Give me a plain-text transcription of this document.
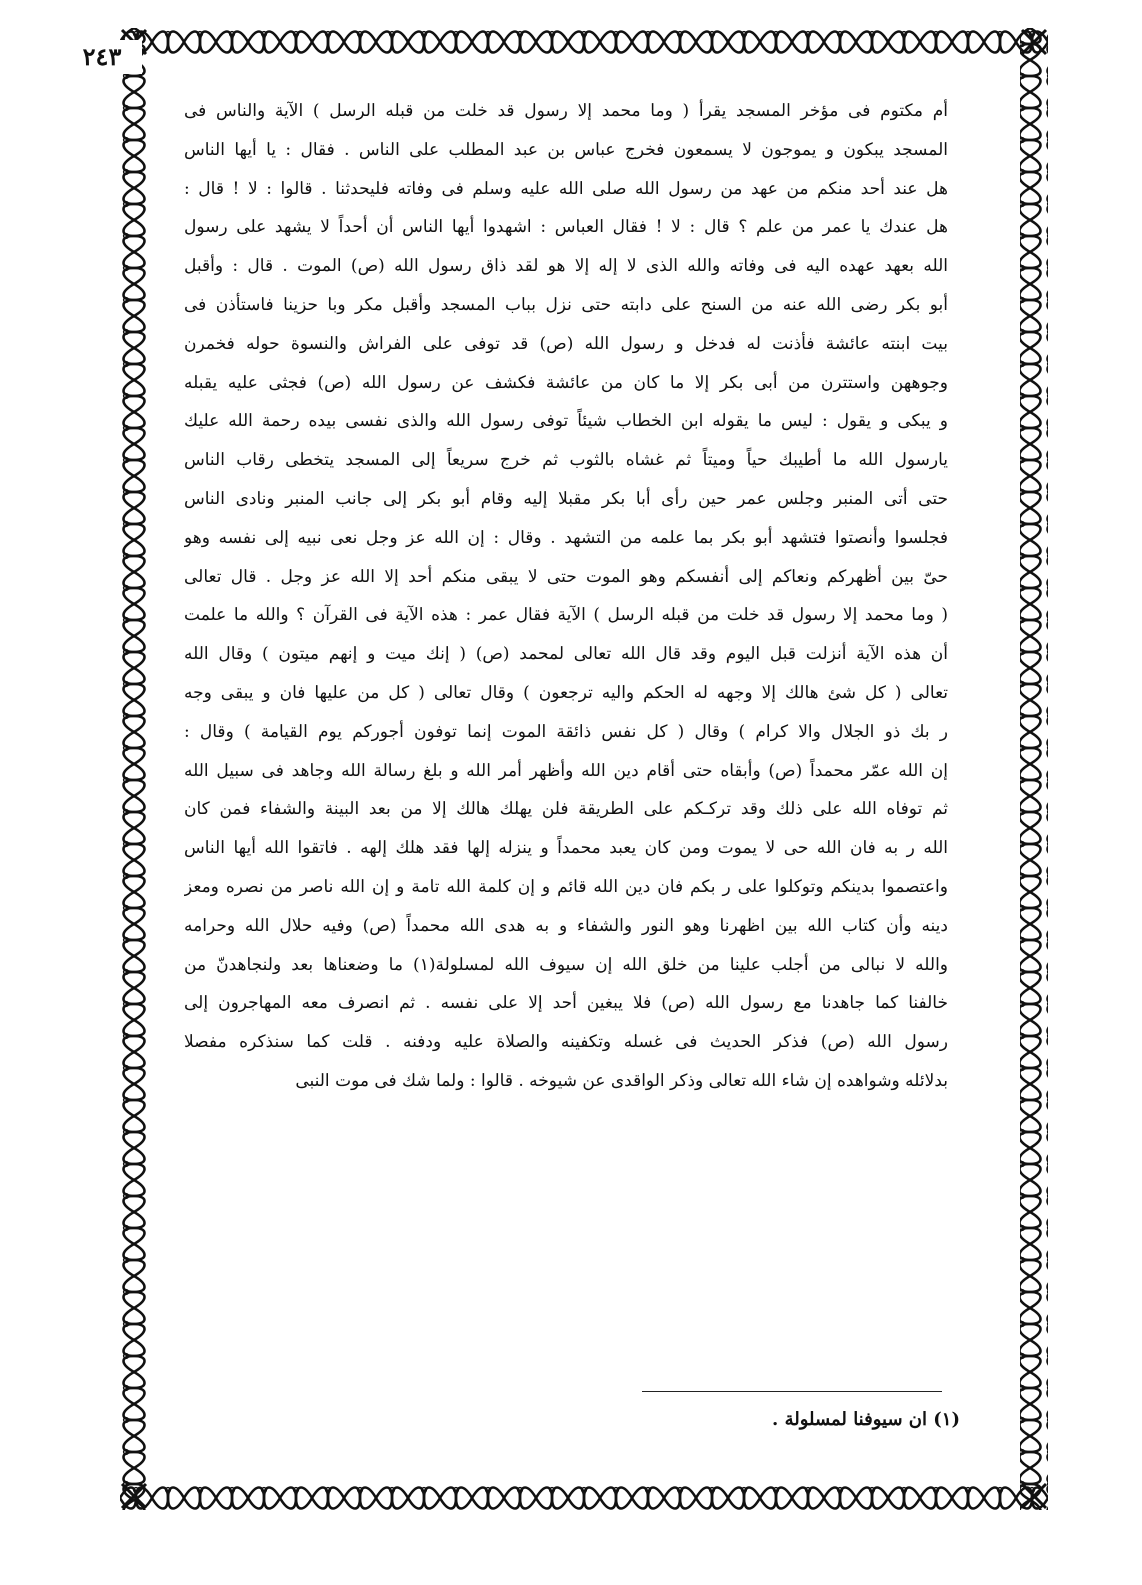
٢٤٣
أم مكتوم فى مؤخر المسجد يقرأ ( وما محمد إلا رسول قد خلت من قبله الرسل ) الآية والناس فى
المسجد يبكون و يموجون لا يسمعون فخرج عباس بن عبد المطلب على الناس . فقال : يا أيها الناس
هل عند أحد منكم من عهد من رسول الله صلى الله عليه وسلم فى وفاته فليحدثنا . قالوا : لا ! قال :
هل عندك يا عمر من علم ؟ قال : لا ! فقال العباس : اشهدوا أيها الناس أن أحداً لا يشهد على رسول
الله بعهد عهده اليه فى وفاته والله الذى لا إله إلا هو لقد ذاق رسول الله (ص) الموت . قال : وأقبل
أبو بكر رضى الله عنه من السنح على دابته حتى نزل بباب المسجد وأقبل مكر وبا حزينا فاستأذن فى
بيت ابنته عائشة فأذنت له فدخل و رسول الله (ص) قد توفى على الفراش والنسوة حوله فخمرن
وجوههن واستترن من أبى بكر إلا ما كان من عائشة فكشف عن رسول الله (ص) فجثى عليه يقبله
و يبكى و يقول : ليس ما يقوله ابن الخطاب شيئاً توفى رسول الله والذى نفسى بيده رحمة الله عليك
يارسول الله ما أطيبك حياً وميتاً ثم غشاه بالثوب ثم خرج سريعاً إلى المسجد يتخطى رقاب الناس
حتى أتى المنبر وجلس عمر حين رأى أبا بكر مقبلا إليه وقام أبو بكر إلى جانب المنبر ونادى الناس
فجلسوا وأنصتوا فتشهد أبو بكر بما علمه من التشهد . وقال : إن الله عز وجل نعى نبيه إلى نفسه وهو
حىّ بين أظهركم ونعاكم إلى أنفسكم وهو الموت حتى لا يبقى منكم أحد إلا الله عز وجل . قال تعالى
( وما محمد إلا رسول قد خلت من قبله الرسل ) الآية فقال عمر : هذه الآية فى القرآن ؟ والله ما علمت
أن هذه الآية أنزلت قبل اليوم وقد قال الله تعالى لمحمد (ص) ( إنك ميت و إنهم ميتون ) وقال الله
تعالى ( كل شئ هالك إلا وجهه له الحكم واليه ترجعون ) وقال تعالى ( كل من عليها فان و يبقى وجه
ر بك ذو الجلال والا كرام ) وقال ( كل نفس ذائقة الموت إنما توفون أجوركم يوم القيامة ) وقال :
إن الله عمّر محمداً (ص) وأبقاه حتى أقام دين الله وأظهر أمر الله و بلغ رسالة الله وجاهد فى سبيل الله
ثم توفاه الله على ذلك وقد تركـكم على الطريقة فلن يهلك هالك إلا من بعد البينة والشفاء فمن كان
الله ر به فان الله حى لا يموت ومن كان يعبد محمداً و ينزله إلها فقد هلك إلهه . فاتقوا الله أيها الناس
واعتصموا بدينكم وتوكلوا على ر بكم فان دين الله قائم و إن كلمة الله تامة و إن الله ناصر من نصره ومعز
دينه وأن كتاب الله بين اظهرنا وهو النور والشفاء و به هدى الله محمداً (ص) وفيه حلال الله وحرامه
والله لا نبالى من أجلب علينا من خلق الله إن سيوف الله لمسلولة(١) ما وضعناها بعد ولنجاهدنّ من
خالفنا كما جاهدنا مع رسول الله (ص) فلا يبغين أحد إلا على نفسه . ثم انصرف معه المهاجرون إلى
رسول الله (ص) فذكر الحديث فى غسله وتكفينه والصلاة عليه ودفنه . قلت كما سنذكره مفصلا
بدلائله وشواهده إن شاء الله تعالى وذكر الواقدى عن شيوخه . قالوا : ولما شك فى موت النبى
(١) ان سيوفنا لمسلولة .
